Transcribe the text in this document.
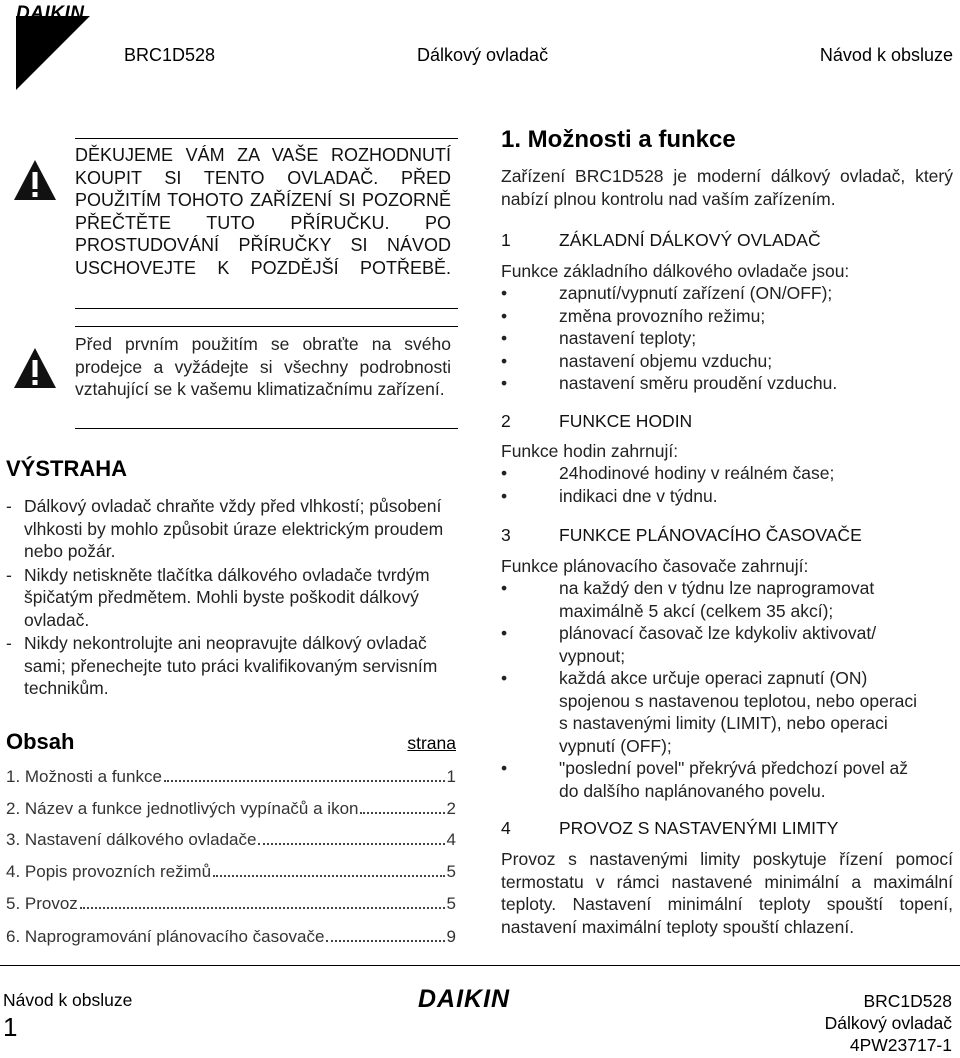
DAIKIN
BRC1D528	Dálkový ovladač	Návod k obsluze
DĚKUJEME VÁM ZA VAŠE ROZHODNUTÍ KOUPIT SI TENTO OVLADAČ. PŘED POUŽITÍM TOHOTO ZAŘÍZENÍ SI POZORNĚ PŘEČTĚTE TUTO PŘÍRUČKU. PO PROSTUDOVÁNÍ PŘÍRUČKY SI NÁVOD USCHOVEJTE K POZDĚJŠÍ POTŘEBĚ.
Před prvním použitím se obraťte na svého prodejce a vyžádejte si všechny podrobnosti vztahující se k vašemu klimatizačnímu zařízení.
VÝSTRAHA
- Dálkový ovladač chraňte vždy před vlhkostí; působení vlhkosti by mohlo způsobit úraze elektrickým proudem nebo požár.
- Nikdy netiskněte tlačítka dálkového ovladače tvrdým špičatým předmětem. Mohli byste poškodit dálkový ovladač.
- Nikdy nekontrolujte ani neopravujte dálkový ovladač sami; přenechejte tuto práci kvalifikovaným servisním technikům.
Obsah	strana
1. Možnosti a funkce	1
2. Název a funkce jednotlivých vypínačů a ikon	2
3. Nastavení dálkového ovladače	4
4. Popis provozních režimů	5
5. Provoz	5
6. Naprogramování plánovacího časovače	9
1. Možnosti a funkce
Zařízení BRC1D528 je moderní dálkový ovladač, který nabízí plnou kontrolu nad vaším zařízením.
1	ZÁKLADNÍ DÁLKOVÝ OVLADAČ
Funkce základního dálkového ovladače jsou:
• zapnutí/vypnutí zařízení (ON/OFF);
• změna provozního režimu;
• nastavení teploty;
• nastavení objemu vzduchu;
• nastavení směru proudění vzduchu.
2	FUNKCE HODIN
Funkce hodin zahrnují:
• 24hodinové hodiny v reálném čase;
• indikaci dne v týdnu.
3	FUNKCE PLÁNOVACÍHO ČASOVAČE
Funkce plánovacího časovače zahrnují:
• na každý den v týdnu lze naprogramovat maximálně 5 akcí (celkem 35 akcí);
• plánovací časovač lze kdykoliv aktivovat/ vypnout;
• každá akce určuje operaci zapnutí (ON) spojenou s nastavenou teplotou, nebo operaci s nastavenými limity (LIMIT), nebo operaci vypnutí (OFF);
• "poslední povel" překrývá předchozí povel až do dalšího naplánovaného povelu.
4	PROVOZ S NASTAVENÝMI LIMITY
Provoz s nastavenými limity poskytuje řízení pomocí termostatu v rámci nastavené minimální a maximální teploty. Nastavení minimální teploty spouští topení, nastavení maximální teploty spouští chlazení.
Návod k obsluze
1
DAIKIN	BRC1D528
Dálkový ovladač
4PW23717-1
